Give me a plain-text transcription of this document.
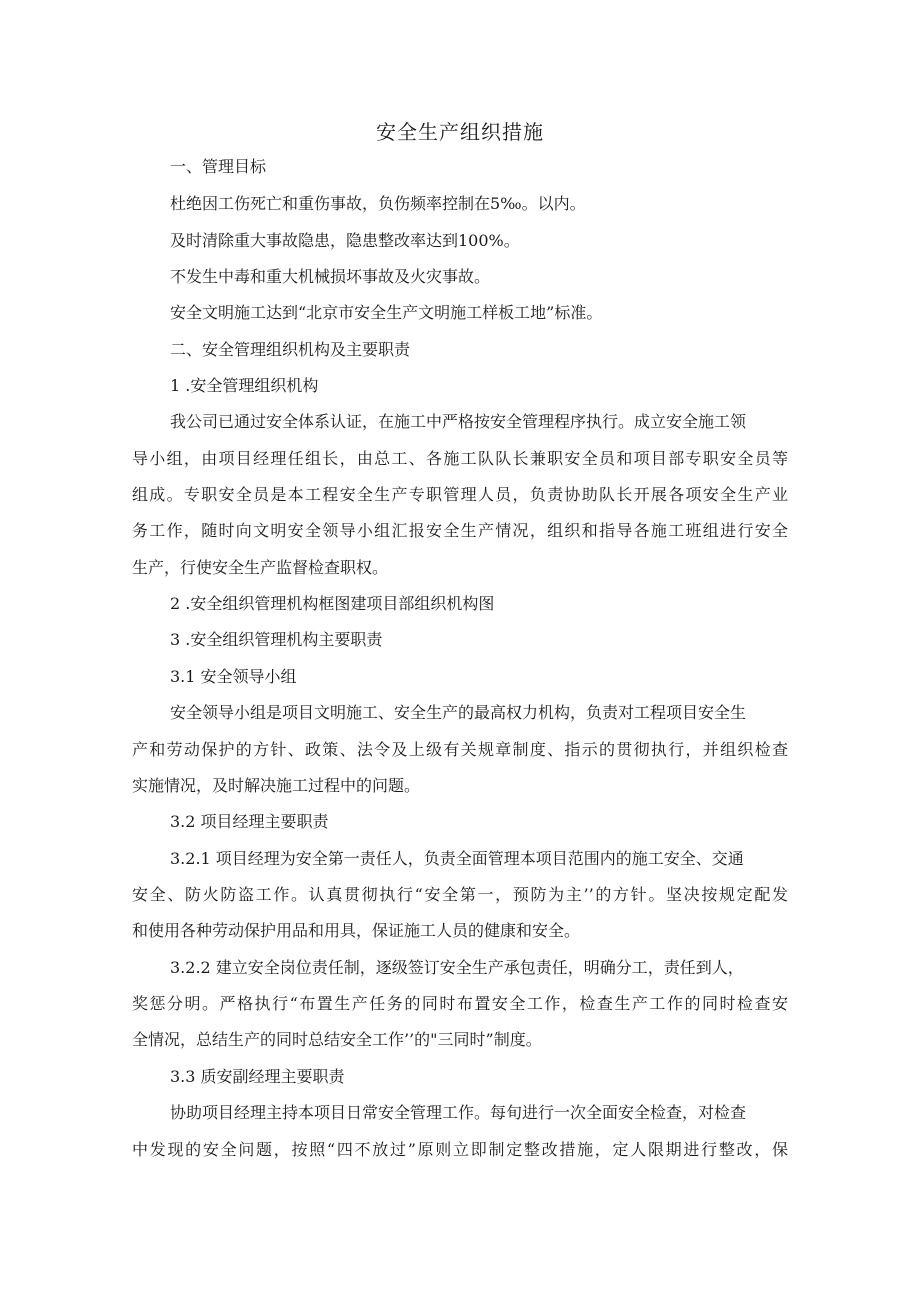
安全生产组织措施
一、管理目标
杜绝因工伤死亡和重伤事故，负伤频率控制在5‰。以内。
及时清除重大事故隐患，隐患整改率达到100%。
不发生中毒和重大机械损坏事故及火灾事故。
安全文明施工达到“北京市安全生产文明施工样板工地”标准。
二、安全管理组织机构及主要职责
1 .安全管理组织机构
我公司已通过安全体系认证，在施工中严格按安全管理程序执行。成立安全施工领
导小组，由项目经理任组长，由总工、各施工队队长兼职安全员和项目部专职安全员等
组成。专职安全员是本工程安全生产专职管理人员，负责协助队长开展各项安全生产业
务工作，随时向文明安全领导小组汇报安全生产情况，组织和指导各施工班组进行安全
生产，行使安全生产监督检查职权。
2 .安全组织管理机构框图建项目部组织机构图
3 .安全组织管理机构主要职责
3.1 安全领导小组
安全领导小组是项目文明施工、安全生产的最高权力机构，负责对工程项目安全生
产和劳动保护的方针、政策、法令及上级有关规章制度、指示的贯彻执行，并组织检查
实施情况，及时解决施工过程中的问题。
3.2 项目经理主要职责
3.2.1 项目经理为安全第一责任人，负责全面管理本项目范围内的施工安全、交通
安全、防火防盗工作。认真贯彻执行“安全第一，预防为主’’的方针。坚决按规定配发
和使用各种劳动保护用品和用具，保证施工人员的健康和安全。
3.2.2 建立安全岗位责任制，逐级签订安全生产承包责任，明确分工，责任到人，
奖惩分明。严格执行“布置生产任务的同时布置安全工作，检查生产工作的同时检查安
全情况，总结生产的同时总结安全工作’’的"三同时”制度。
3.3 质安副经理主要职责
协助项目经理主持本项目日常安全管理工作。每旬进行一次全面安全检查，对检查
中发现的安全问题，按照“四不放过”原则立即制定整改措施，定人限期进行整改，保
